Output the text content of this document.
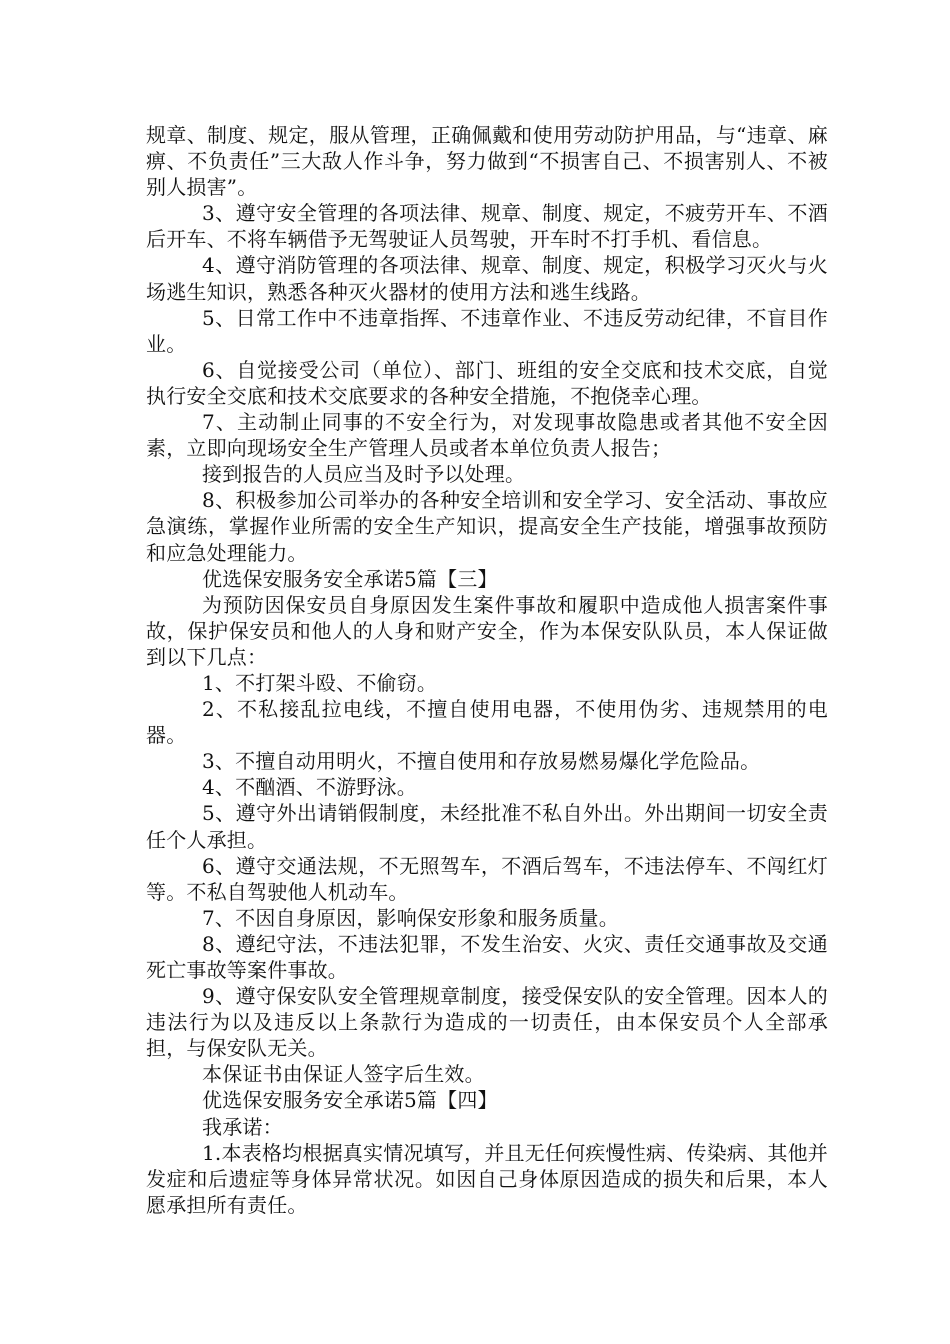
规章、制度、规定，服从管理，正确佩戴和使用劳动防护用品，与“违章、麻痹、不负责任”三大敌人作斗争，努力做到“不损害自己、不损害别人、不被别人损害”。

3、遵守安全管理的各项法律、规章、制度、规定，不疲劳开车、不酒后开车、不将车辆借予无驾驶证人员驾驶，开车时不打手机、看信息。

4、遵守消防管理的各项法律、规章、制度、规定，积极学习灭火与火场逃生知识，熟悉各种灭火器材的使用方法和逃生线路。

5、日常工作中不违章指挥、不违章作业、不违反劳动纪律，不盲目作业。

6、自觉接受公司（单位）、部门、班组的安全交底和技术交底，自觉执行安全交底和技术交底要求的各种安全措施，不抱侥幸心理。

7、主动制止同事的不安全行为，对发现事故隐患或者其他不安全因素，立即向现场安全生产管理人员或者本单位负责人报告；

接到报告的人员应当及时予以处理。

8、积极参加公司举办的各种安全培训和安全学习、安全活动、事故应急演练，掌握作业所需的安全生产知识，提高安全生产技能，增强事故预防和应急处理能力。

优选保安服务安全承诺5篇【三】

为预防因保安员自身原因发生案件事故和履职中造成他人损害案件事故，保护保安员和他人的人身和财产安全，作为本保安队队员，本人保证做到以下几点：

1、不打架斗殴、不偷窃。

2、不私接乱拉电线，不擅自使用电器，不使用伪劣、违规禁用的电器。

3、不擅自动用明火，不擅自使用和存放易燃易爆化学危险品。

4、不酗酒、不游野泳。

5、遵守外出请销假制度，未经批准不私自外出。外出期间一切安全责任个人承担。

6、遵守交通法规，不无照驾车，不酒后驾车，不违法停车、不闯红灯等。不私自驾驶他人机动车。

7、不因自身原因，影响保安形象和服务质量。

8、遵纪守法，不违法犯罪，不发生治安、火灾、责任交通事故及交通死亡事故等案件事故。

9、遵守保安队安全管理规章制度，接受保安队的安全管理。因本人的违法行为以及违反以上条款行为造成的一切责任，由本保安员个人全部承担，与保安队无关。

本保证书由保证人签字后生效。

优选保安服务安全承诺5篇【四】

我承诺：

1.本表格均根据真实情况填写，并且无任何疾慢性病、传染病、其他并发症和后遗症等身体异常状况。如因自己身体原因造成的损失和后果，本人愿承担所有责任。
